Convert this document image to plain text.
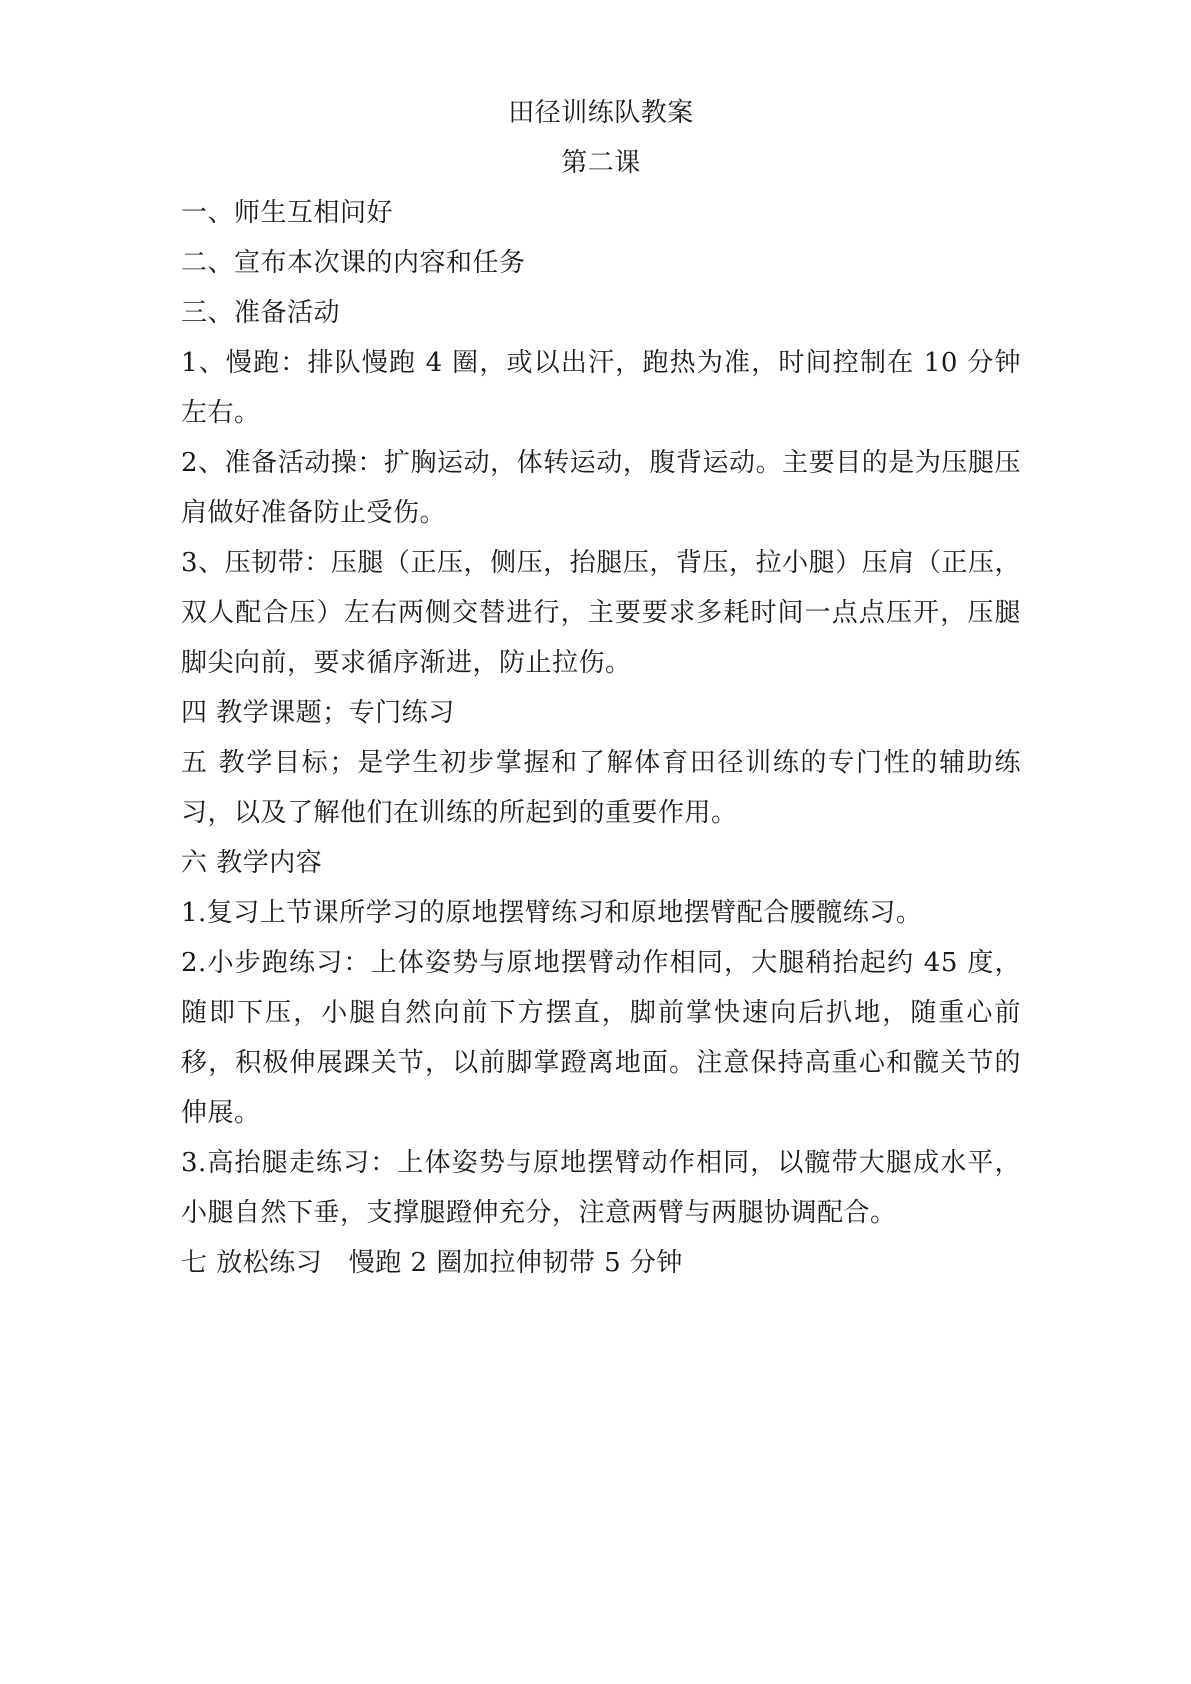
田径训练队教案
第二课

一、师生互相问好

二、宣布本次课的内容和任务

三、准备活动

1、慢跑：排队慢跑 4 圈，或以出汗，跑热为准，时间控制在 10 分钟左右。

2、准备活动操：扩胸运动，体转运动，腹背运动。主要目的是为压腿压肩做好准备防止受伤。

3、压韧带：压腿（正压，侧压，抬腿压，背压，拉小腿）压肩（正压，双人配合压）左右两侧交替进行，主要要求多耗时间一点点压开，压腿脚尖向前，要求循序渐进，防止拉伤。

四 教学课题；专门练习

五 教学目标；是学生初步掌握和了解体育田径训练的专门性的辅助练习，以及了解他们在训练的所起到的重要作用。

六 教学内容

1.复习上节课所学习的原地摆臂练习和原地摆臂配合腰髋练习。

2.小步跑练习：上体姿势与原地摆臂动作相同，大腿稍抬起约 45 度，随即下压，小腿自然向前下方摆直，脚前掌快速向后扒地，随重心前移，积极伸展踝关节，以前脚掌蹬离地面。注意保持高重心和髋关节的伸展。

3.高抬腿走练习：上体姿势与原地摆臂动作相同，以髋带大腿成水平，小腿自然下垂，支撑腿蹬伸充分，注意两臂与两腿协调配合。

七 放松练习　慢跑 2 圈加拉伸韧带 5 分钟
